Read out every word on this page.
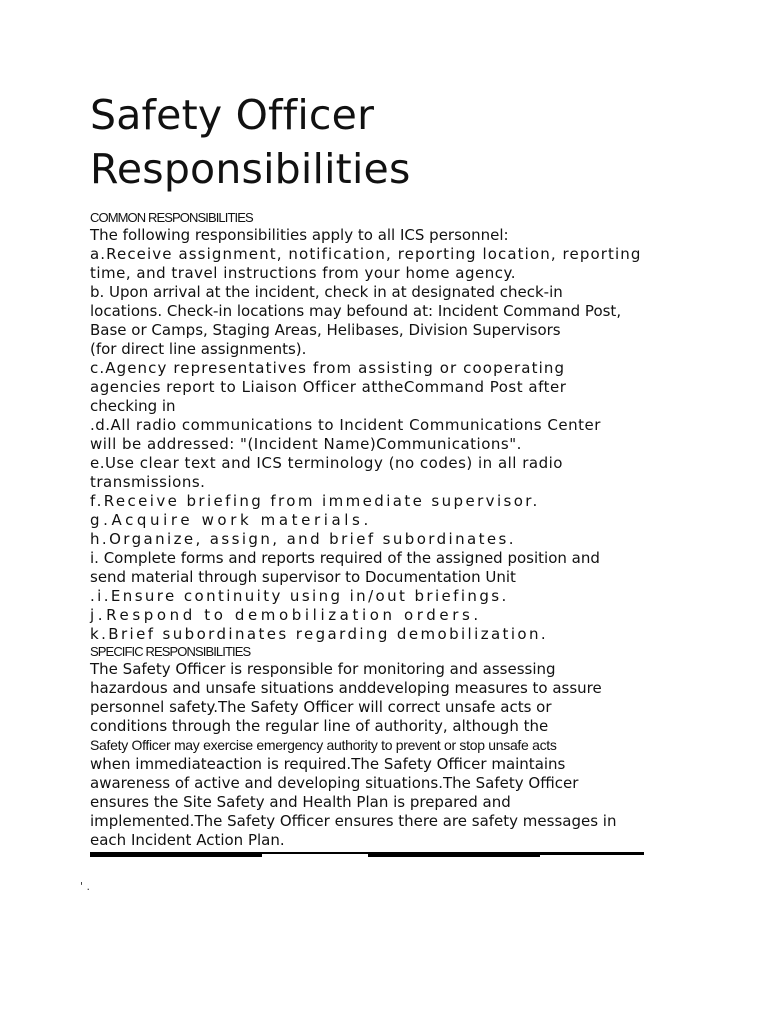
Safety Officer
Responsibilities

COMMON RESPONSIBILITIES

The following responsibilities apply to all ICS personnel:
a.Receive assignment, notification, reporting location, reporting
time, and travel instructions from your home agency.
b. Upon arrival at the incident, check in at designated check-in
locations. Check-in locations may befound at: Incident Command Post,
Base or Camps, Staging Areas, Helibases, Division Supervisors
(for direct line assignments).
c.Agency representatives from assisting or cooperating
agencies report to Liaison Officer attheCommand Post after
checking in
.d.All radio communications to Incident Communications Center
will be addressed: "(Incident Name)Communications".
e.Use clear text and ICS terminology (no codes) in all radio
transmissions.
f.Receive briefing from immediate supervisor.
g.Acquire work materials.
h.Organize, assign, and brief subordinates.
i. Complete forms and reports required of the assigned position and
send material through supervisor to Documentation Unit
.i.Ensure continuity using in/out briefings.
j.Respond to demobilization orders.
k.Brief subordinates regarding demobilization.

SPECIFIC RESPONSIBILITIES

The Safety Officer is responsible for monitoring and assessing
hazardous and unsafe situations anddeveloping measures to assure
personnel safety.The Safety Officer will correct unsafe acts or
conditions through the regular line of authority, although the
Safety Officer may exercise emergency authority to prevent or stop unsafe acts
when immediateaction is required.The Safety Officer maintains
awareness of active and developing situations.The Safety Officer
ensures the Site Safety and Health Plan is prepared and
implemented.The Safety Officer ensures there are safety messages in
each Incident Action Plan.
' .
